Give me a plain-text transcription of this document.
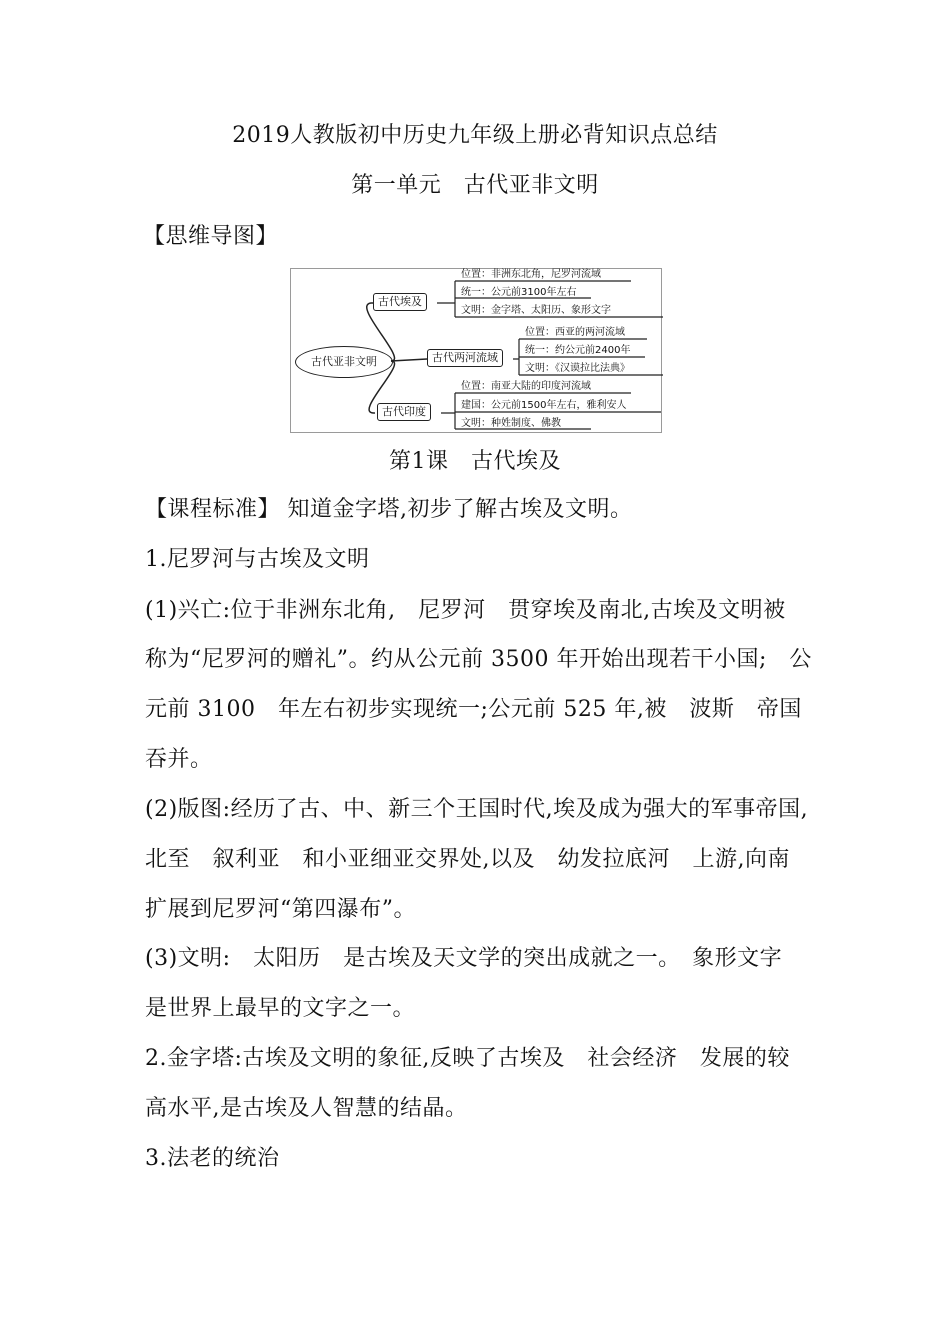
2019人教版初中历史九年级上册必背知识点总结
第一单元　古代亚非文明
【思维导图】
古代亚非文明
古代埃及
古代两河流域
古代印度
位置：非洲东北角，尼罗河流域
统一：公元前3100年左右
文明：金字塔、太阳历、象形文字
位置：西亚的两河流域
统一：约公元前2400年
文明：《汉谟拉比法典》
位置：南亚大陆的印度河流域
建国：公元前1500年左右，雅利安人
文明：种姓制度、佛教
第1课　古代埃及
【课程标准】 知道金字塔,初步了解古埃及文明。
1.尼罗河与古埃及文明
(1)兴亡:位于非洲东北角,　尼罗河　贯穿埃及南北,古埃及文明被
称为“尼罗河的赠礼”。约从公元前 3500 年开始出现若干小国;　公
元前 3100　年左右初步实现统一;公元前 525 年,被　波斯　帝国
吞并。
(2)版图:经历了古、中、新三个王国时代,埃及成为强大的军事帝国,
北至　叙利亚　和小亚细亚交界处,以及　幼发拉底河　上游,向南
扩展到尼罗河“第四瀑布”。
(3)文明:　太阳历　是古埃及天文学的突出成就之一。　象形文字
是世界上最早的文字之一。
2.金字塔:古埃及文明的象征,反映了古埃及　社会经济　发展的较
高水平,是古埃及人智慧的结晶。
3.法老的统治
